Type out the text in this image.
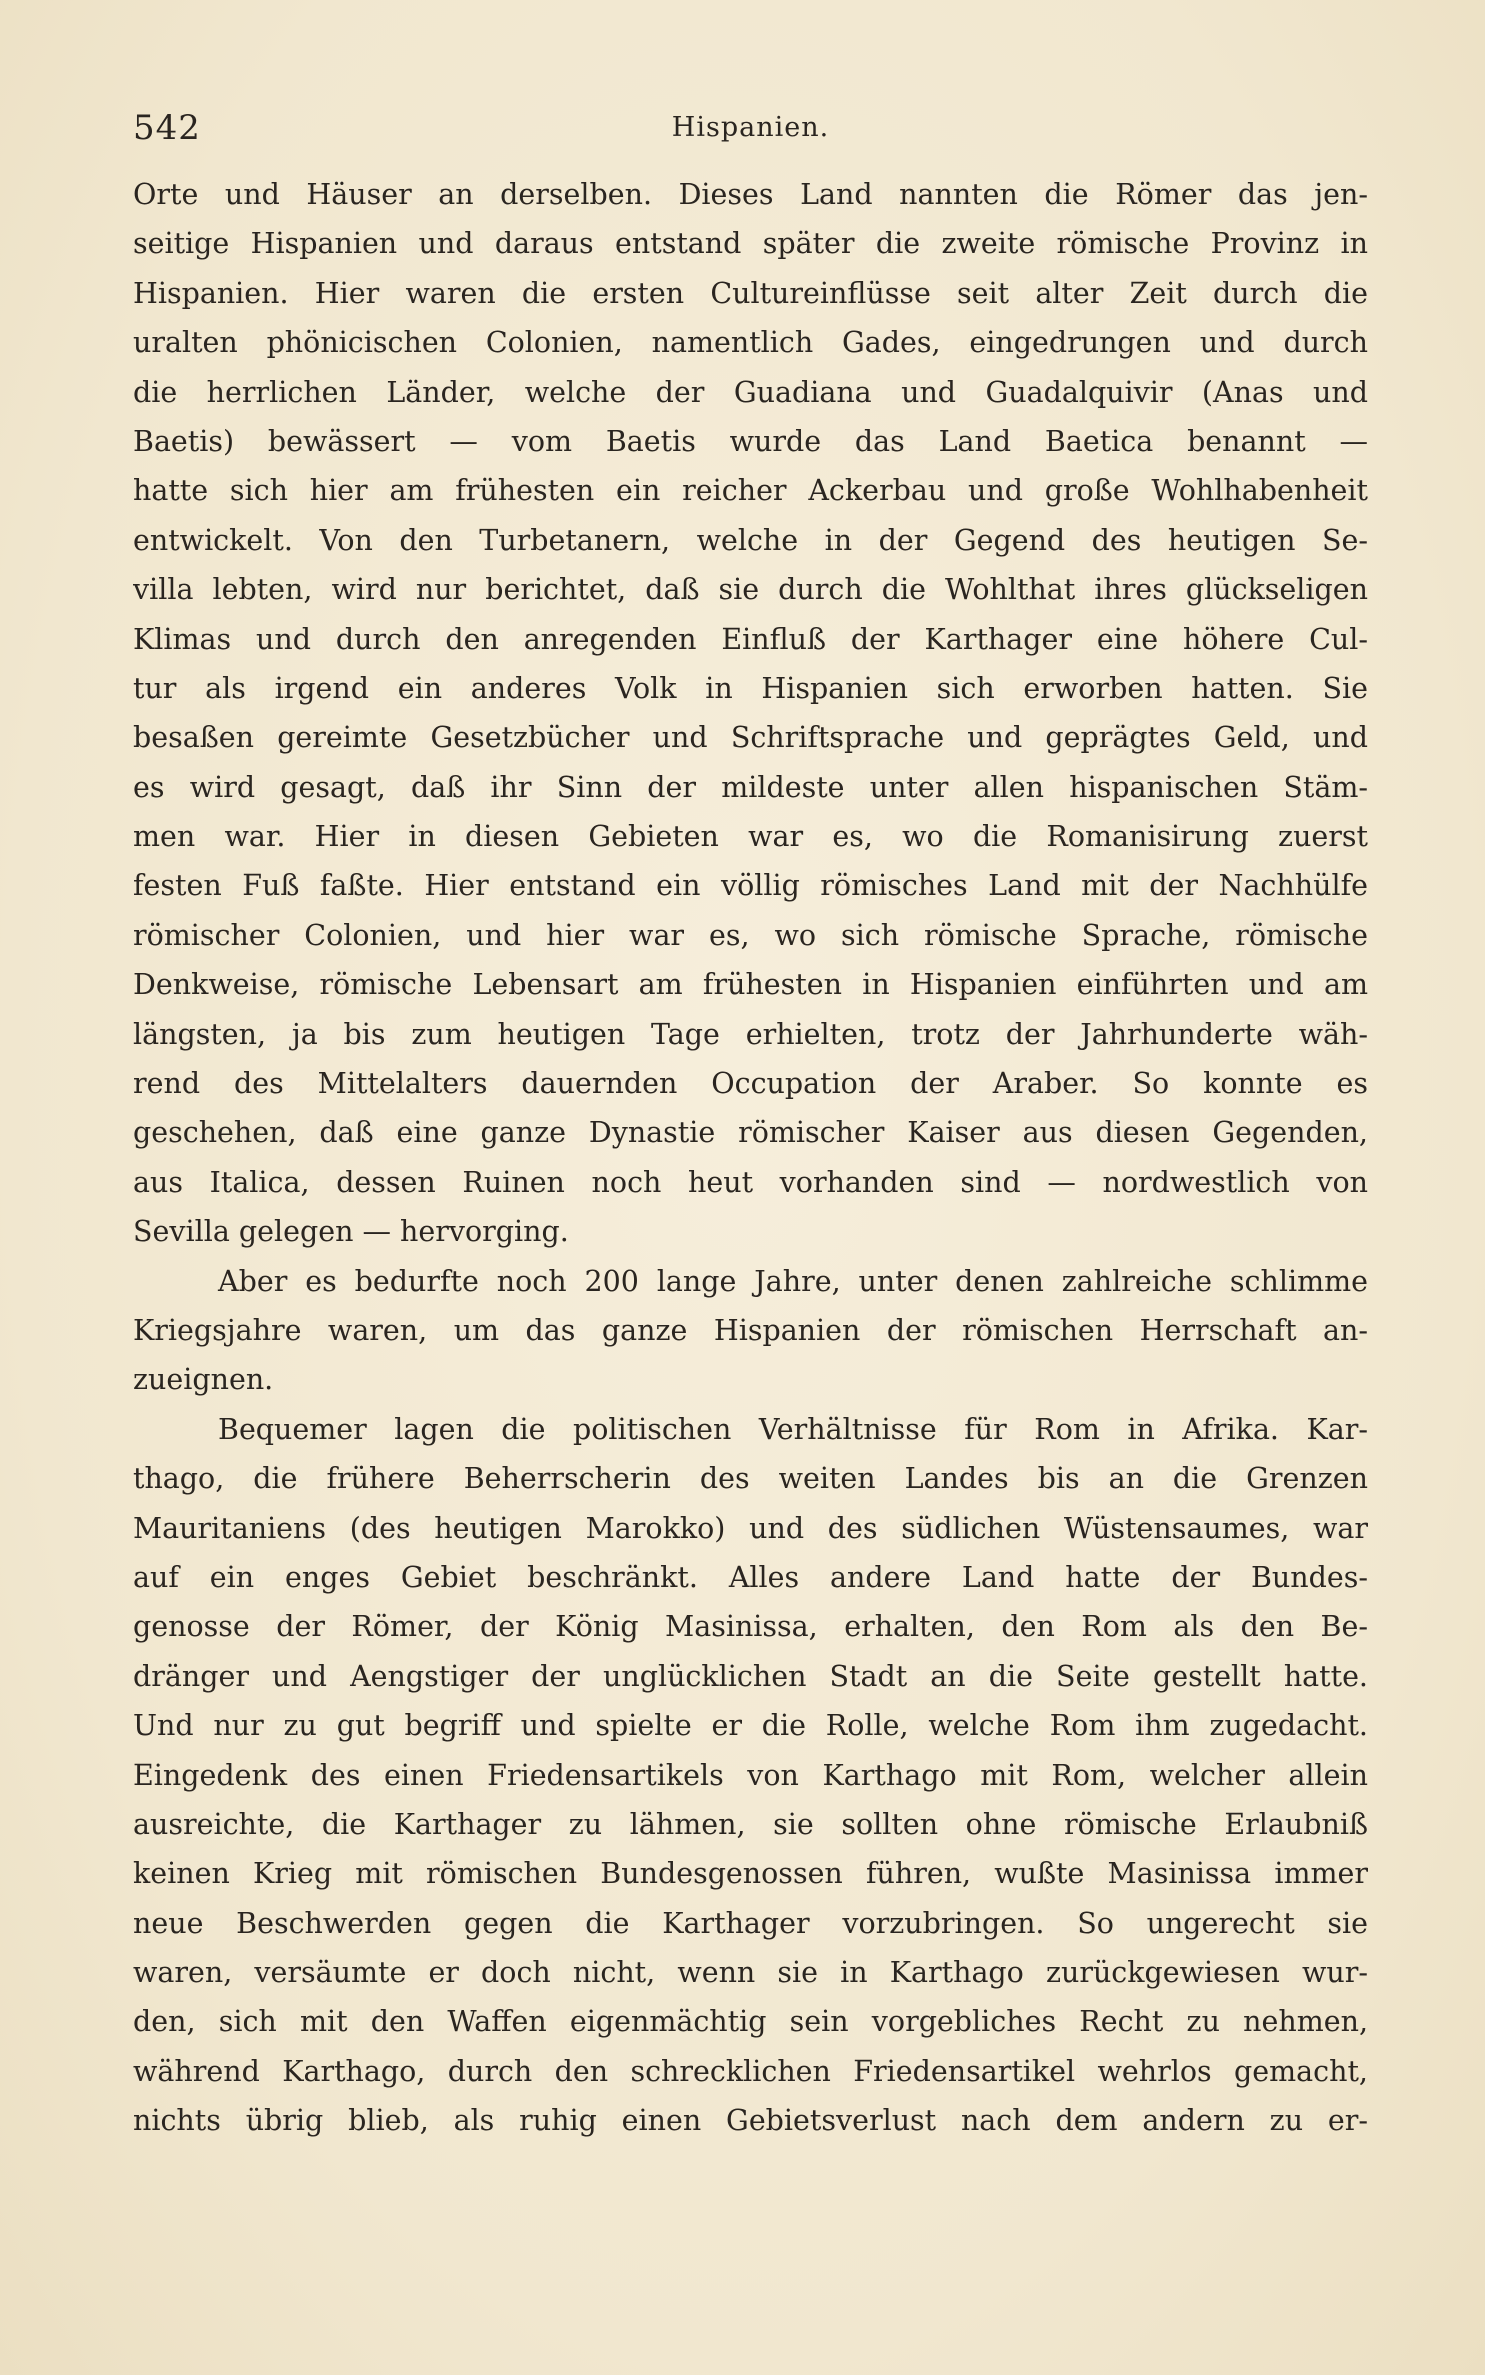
542	Hispanien.
Orte und Häuser an derselben. Dieses Land nannten die Römer das jen-
seitige Hispanien und daraus entstand später die zweite römische Provinz in
Hispanien. Hier waren die ersten Cultureinflüsse seit alter Zeit durch die
uralten phönicischen Colonien, namentlich Gades, eingedrungen und durch
die herrlichen Länder, welche der Guadiana und Guadalquivir (Anas und
Baetis) bewässert — vom Baetis wurde das Land Baetica benannt —
hatte sich hier am frühesten ein reicher Ackerbau und große Wohlhabenheit
entwickelt. Von den Turbetanern, welche in der Gegend des heutigen Se-
villa lebten, wird nur berichtet, daß sie durch die Wohlthat ihres glückseligen
Klimas und durch den anregenden Einfluß der Karthager eine höhere Cul-
tur als irgend ein anderes Volk in Hispanien sich erworben hatten. Sie
besaßen gereimte Gesetzbücher und Schriftsprache und geprägtes Geld, und
es wird gesagt, daß ihr Sinn der mildeste unter allen hispanischen Stäm-
men war. Hier in diesen Gebieten war es, wo die Romanisirung zuerst
festen Fuß faßte. Hier entstand ein völlig römisches Land mit der Nachhülfe
römischer Colonien, und hier war es, wo sich römische Sprache, römische
Denkweise, römische Lebensart am frühesten in Hispanien einführten und am
längsten, ja bis zum heutigen Tage erhielten, trotz der Jahrhunderte wäh-
rend des Mittelalters dauernden Occupation der Araber. So konnte es
geschehen, daß eine ganze Dynastie römischer Kaiser aus diesen Gegenden,
aus Italica, dessen Ruinen noch heut vorhanden sind — nordwestlich von
Sevilla gelegen — hervorging.
Aber es bedurfte noch 200 lange Jahre, unter denen zahlreiche schlimme
Kriegsjahre waren, um das ganze Hispanien der römischen Herrschaft an-
zueignen.
Bequemer lagen die politischen Verhältnisse für Rom in Afrika. Kar-
thago, die frühere Beherrscherin des weiten Landes bis an die Grenzen
Mauritaniens (des heutigen Marokko) und des südlichen Wüstensaumes, war
auf ein enges Gebiet beschränkt. Alles andere Land hatte der Bundes-
genosse der Römer, der König Masinissa, erhalten, den Rom als den Be-
dränger und Aengstiger der unglücklichen Stadt an die Seite gestellt hatte.
Und nur zu gut begriff und spielte er die Rolle, welche Rom ihm zugedacht.
Eingedenk des einen Friedensartikels von Karthago mit Rom, welcher allein
ausreichte, die Karthager zu lähmen, sie sollten ohne römische Erlaubniß
keinen Krieg mit römischen Bundesgenossen führen, wußte Masinissa immer
neue Beschwerden gegen die Karthager vorzubringen. So ungerecht sie
waren, versäumte er doch nicht, wenn sie in Karthago zurückgewiesen wur-
den, sich mit den Waffen eigenmächtig sein vorgebliches Recht zu nehmen,
während Karthago, durch den schrecklichen Friedensartikel wehrlos gemacht,
nichts übrig blieb, als ruhig einen Gebietsverlust nach dem andern zu er-
